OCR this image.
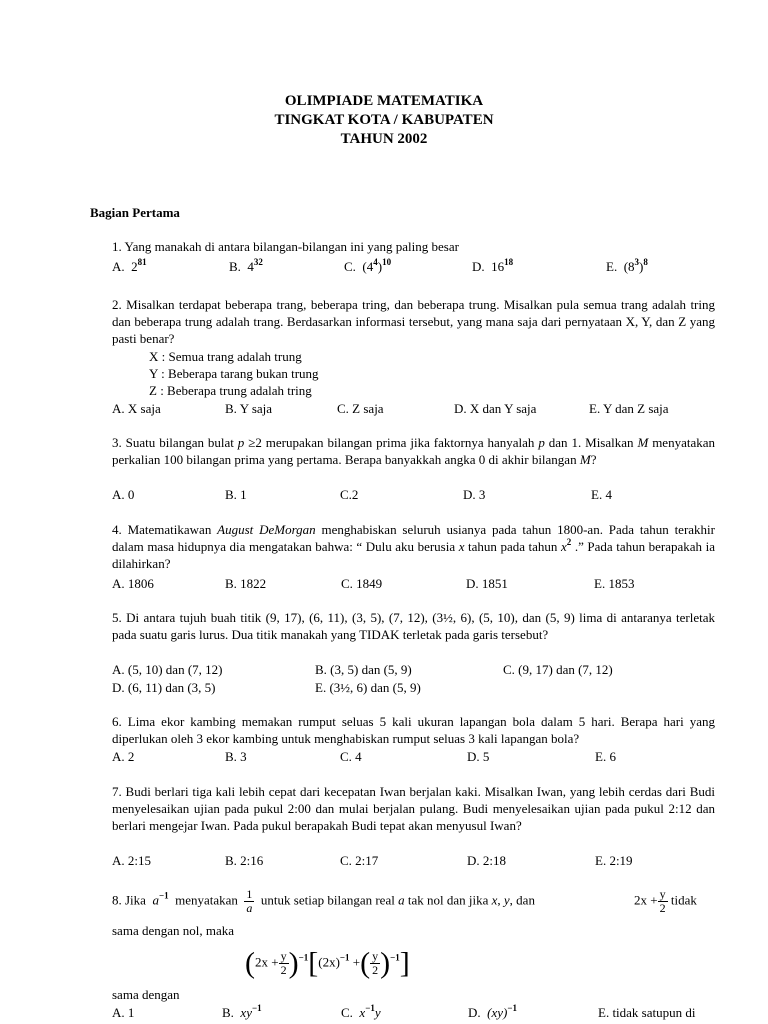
OLIMPIADE MATEMATIKA
TINGKAT KOTA / KABUPATEN
TAHUN 2002
Bagian Pertama
1. Yang manakah di antara bilangan-bilangan ini yang paling besar
A. $2^{81}$	B. $4^{32}$	C.  $(4^4)^{10}$	D. $16^{18}$	E.  $(8^3)^8$
2. Misalkan terdapat beberapa trang, beberapa tring, dan beberapa trung. Misalkan pula semua trang adalah tring dan beberapa trung adalah trang. Berdasarkan informasi tersebut, yang mana saja dari pernyataan X, Y, dan Z yang pasti benar?
X : Semua trang adalah trung
Y : Beberapa tarang bukan trung
Z : Beberapa trung adalah tring
A. X saja	B. Y saja	C. Z saja	D. X dan Y saja	E. Y dan Z saja
3. Suatu bilangan bulat p ≥2 merupakan bilangan prima jika faktornya hanyalah p dan 1. Misalkan M menyatakan perkalian 100 bilangan prima yang pertama. Berapa banyakkah angka 0 di akhir bilangan M?
A. 0	B. 1	C.2	D. 3	E. 4
4. Matematikawan August DeMorgan menghabiskan seluruh usianya pada tahun 1800-an. Pada tahun terakhir dalam masa hidupnya dia mengatakan bahwa: “ Dulu aku berusia x tahun pada tahun $x^2$ .” Pada tahun berapakah ia dilahirkan?
A. 1806	B. 1822	C. 1849	D. 1851	E. 1853
5. Di antara tujuh buah titik (9, 17), (6, 11), (3, 5), (7, 12), (3½, 6), (5, 10), dan (5, 9) lima di antaranya terletak pada suatu garis lurus. Dua titik manakah yang TIDAK terletak pada garis tersebut?
A. (5, 10) dan (7, 12)	B. (3, 5) dan (5, 9)	C. (9, 17) dan (7, 12)
D. (6, 11) dan (3, 5)	E. (3½, 6) dan (5, 9)
6. Lima ekor kambing memakan rumput seluas 5 kali ukuran lapangan bola dalam 5 hari. Berapa hari yang diperlukan oleh 3 ekor kambing untuk menghabiskan rumput seluas 3 kali lapangan bola?
A. 2	B. 3	C. 4	D. 5	E. 6
7. Budi berlari tiga kali lebih cepat dari kecepatan Iwan berjalan kaki. Misalkan Iwan, yang lebih cerdas dari Budi menyelesaikan ujian pada pukul 2:00 dan mulai berjalan pulang. Budi menyelesaikan ujian pada pukul 2:12 dan berlari mengejar Iwan. Pada pukul berapakah Budi tepat akan menyusul Iwan?
A. 2:15	B. 2:16	C. 2:17	D. 2:18	E. 2:19
8. Jika $a^{-1}$ menyatakan $\frac{1}{a}$ untuk setiap bilangan real a tak nol dan jika x, y, dan	$2x + \frac{y}{2}$ tidak
sama dengan nol, maka
$(2x + \frac{y}{2} )^{-1}[(2x)^{-1}$ +( $\frac{y}{2} )^{-1}$]
sama dengan
A. 1	B. $xy^{-1}$	C. $x^{-1}y$	D. (xy)$^{-1}$	E. tidak satupun di
